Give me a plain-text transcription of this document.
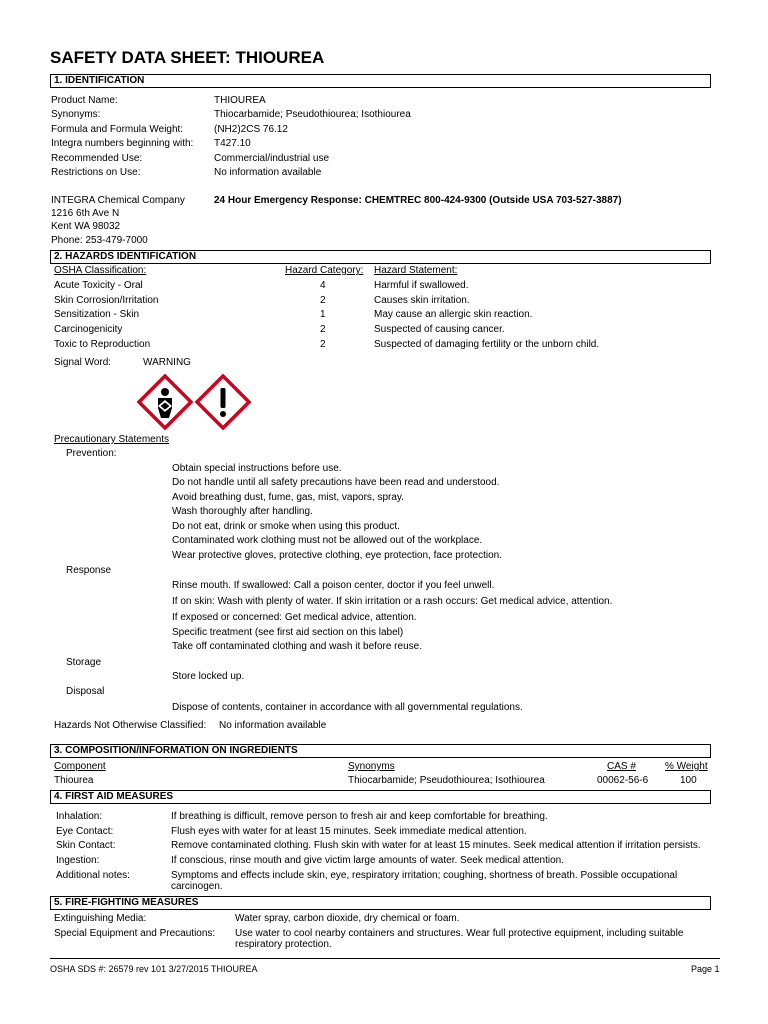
SAFETY DATA SHEET: THIOUREA
1. IDENTIFICATION
Product Name:	THIOUREA
Synonyms:	Thiocarbamide; Pseudothiourea; Isothiourea
Formula and Formula Weight:	(NH2)2CS 76.12
Integra numbers beginning with: T427.10
Recommended Use:	Commercial/industrial use
Restrictions on Use:	No information available
INTEGRA Chemical Company
1216 6th Ave N
Kent WA 98032
Phone: 253-479-7000
24 Hour Emergency Response: CHEMTREC 800-424-9300 (Outside USA 703-527-3887)
2. HAZARDS IDENTIFICATION
OSHA Classification:	Hazard Category: Hazard Statement:
Acute Toxicity - Oral	4	Harmful if swallowed.
Skin Corrosion/Irritation	2	Causes skin irritation.
Sensitization - Skin	1	May cause an allergic skin reaction.
Carcinogenicity	2	Suspected of causing cancer.
Toxic to Reproduction	2	Suspected of damaging fertility or the unborn child.
Signal Word:	WARNING
Precautionary Statements
Prevention:
Obtain special instructions before use.
Do not handle until all safety precautions have been read and understood.
Avoid breathing dust, fume, gas, mist, vapors, spray.
Wash thoroughly after handling.
Do not eat, drink or smoke when using this product.
Contaminated work clothing must not be allowed out of the workplace.
Wear protective gloves, protective clothing, eye protection, face protection.
Response
Rinse mouth. If swallowed: Call a poison center, doctor if you feel unwell.
If on skin: Wash with plenty of water. If skin irritation or a rash occurs: Get medical advice, attention.
If exposed or concerned: Get medical advice, attention.
Specific treatment (see first aid section on this label)
Take off contaminated clothing and wash it before reuse.
Storage
Store locked up.
Disposal
Dispose of contents, container in accordance with all governmental regulations.
Hazards Not Otherwise Classified: No information available
3. COMPOSITION/INFORMATION ON INGREDIENTS
Component	Synonyms	CAS #	% Weight
Thiourea	Thiocarbamide; Pseudothiourea; Isothiourea	00062-56-6	100
4. FIRST AID MEASURES
Inhalation:	If breathing is difficult, remove person to fresh air and keep comfortable for breathing.
Eye Contact:	Flush eyes with water for at least 15 minutes. Seek immediate medical attention.
Skin Contact:	Remove contaminated clothing. Flush skin with water for at least 15 minutes. Seek medical attention if irritation persists.
Ingestion:	If conscious, rinse mouth and give victim large amounts of water. Seek medical attention.
Additional notes:	Symptoms and effects include skin, eye, respiratory irritation; coughing, shortness of breath. Possible occupational carcinogen.
5. FIRE-FIGHTING MEASURES
Extinguishing Media:	Water spray, carbon dioxide, dry chemical or foam.
Special Equipment and Precautions: Use water to cool nearby containers and structures. Wear full protective equipment, including suitable respiratory protection.
OSHA SDS #: 26579 rev 101 3/27/2015 THIOUREA	Page 1
